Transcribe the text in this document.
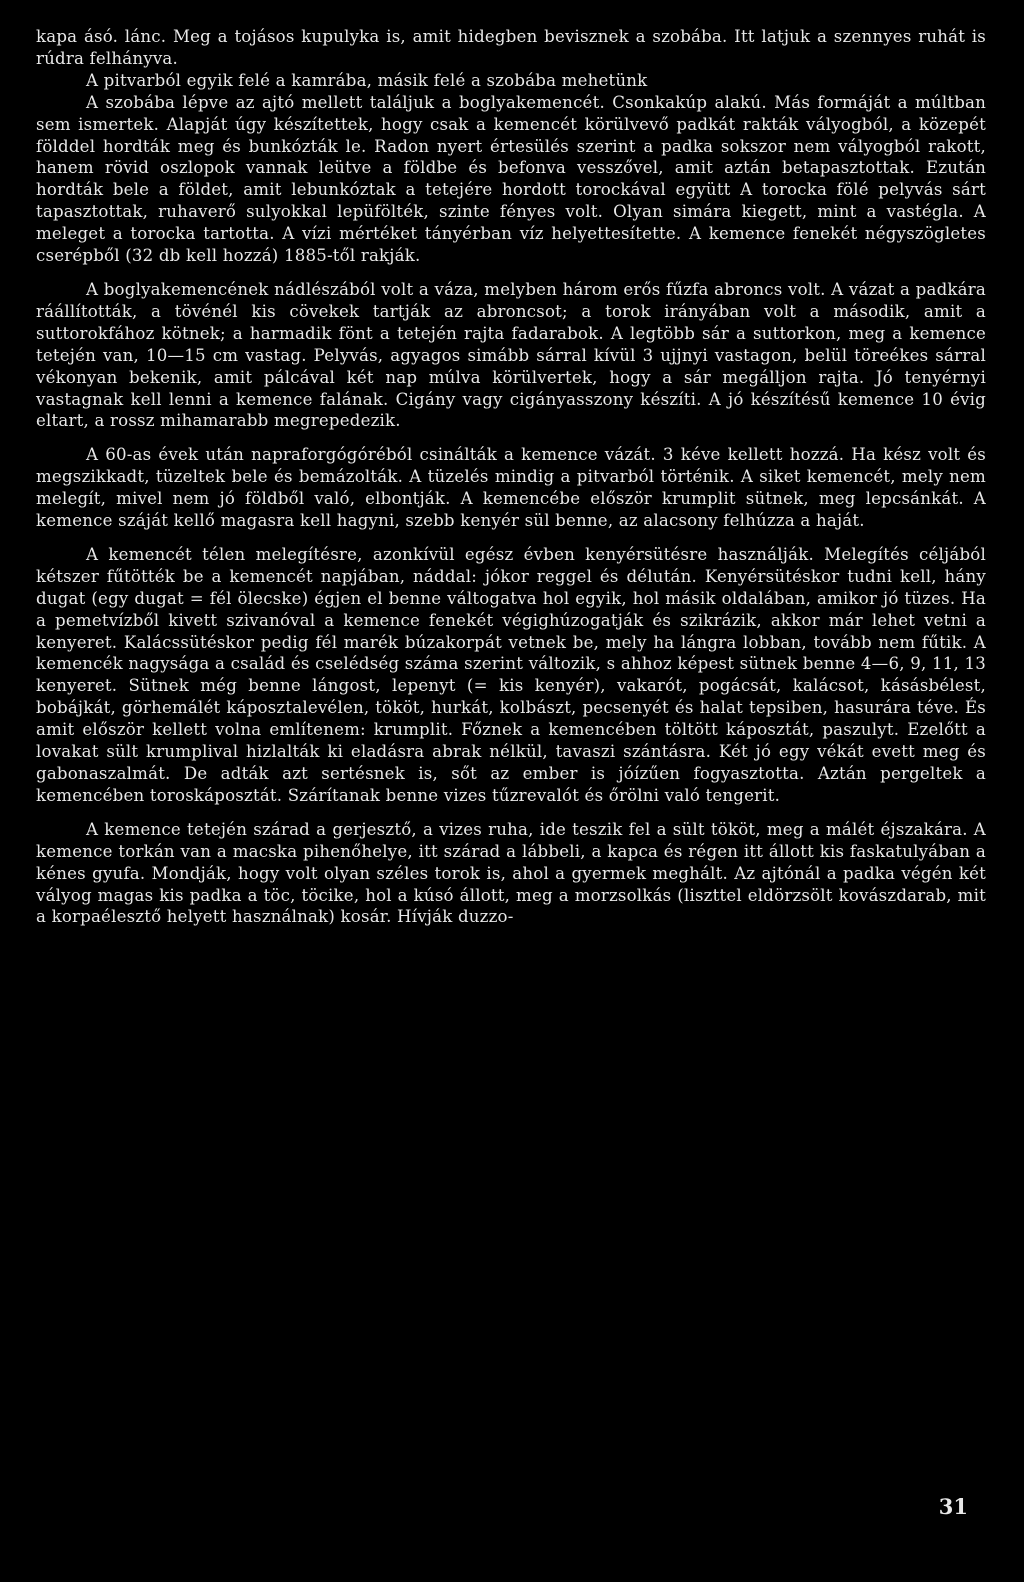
kapa ásó. lánc. Meg a tojásos kupulyka is, amit hidegben bevisznek a szobába. Itt latjuk a szennyes ruhát is rúdra felhányva.

A pitvarból egyik felé a kamrába, másik felé a szobába mehetünk

A szobába lépve az ajtó mellett találjuk a boglyakemencét. Csonkakúp alakú. Más formáját a múltban sem ismertek. Alapját úgy készítettek, hogy csak a kemencét körülvevő padkát rakták vályogból, a közepét földdel hordták meg és bunkózták le. Radon nyert értesülés szerint a padka sokszor nem vályogból rakott, hanem rövid oszlopok vannak leütve a földbe és befonva vesszővel, amit aztán betapasztottak. Ezután hordták bele a földet, amit lebunkóztak a tetejére hordott torockával együtt A torocka fölé pelyvás sárt tapasztottak, ruhaverő sulyokkal lepüfölték, szinte fényes volt. Olyan simára kiegett, mint a vastégla. A meleget a torocka tartotta. A vízi mértéket tányérban víz helyettesítette. A kemence fenekét négyszögletes cserépből (32 db kell hozzá) 1885-től rakják.

A boglyakemencének nádlészából volt a váza, melyben három erős fűzfa abroncs volt. A vázat a padkára ráállították, a tövénél kis cövekek tartják az abroncsot; a torok irányában volt a második, amit a suttorokfához kötnek; a harmadik fönt a tetején rajta fadarabok. A legtöbb sár a suttorkon, meg a kemence tetején van, 10—15 cm vastag. Pelyvás, agyagos simább sárral kívül 3 ujjnyi vastagon, belül töreékes sárral vékonyan bekenik, amit pálcával két nap múlva körülvertek, hogy a sár megálljon rajta. Jó tenyérnyi vastagnak kell lenni a kemence falának. Cigány vagy cigányasszony készíti. A jó készítésű kemence 10 évig eltart, a rossz mihamarabb megrepedezik.

A 60-as évek után napraforgógóréból csinálták a kemence vázát. 3 kéve kellett hozzá. Ha kész volt és megszikkadt, tüzeltek bele és bemázolták. A tüzelés mindig a pitvarból történik. A siket kemencét, mely nem melegít, mivel nem jó földből való, elbontják. A kemencébe először krumplit sütnek, meg lepcsánkát. A kemence száját kellő magasra kell hagyni, szebb kenyér sül benne, az alacsony felhúzza a haját.

A kemencét télen melegítésre, azonkívül egész évben kenyérsütésre használják. Melegítés céljából kétszer fűtötték be a kemencét napjában, náddal: jókor reggel és délután. Kenyérsütéskor tudni kell, hány dugat (egy dugat = fél ölecske) égjen el benne váltogatva hol egyik, hol másik oldalában, amikor jó tüzes. Ha a pemetvízből kivett szivanóval a kemence fenekét végighúzogatják és szikrázik, akkor már lehet vetni a kenyeret. Kalácssütéskor pedig fél marék búzakorpát vetnek be, mely ha lángra lobban, tovább nem fűtik. A kemencék nagysága a család és cselédség száma szerint változik, s ahhoz képest sütnek benne 4—6, 9, 11, 13 kenyeret. Sütnek még benne lángost, lepenyt (= kis kenyér), vakarót, pogácsát, kalácsot, kásásbélest, bobájkát, görhemálét káposztalevélen, tököt, hurkát, kolbászt, pecsenyét és halat tepsiben, hasurára téve. És amit először kellett volna említenem: krumplit. Főznek a kemencében töltött káposztát, paszulyt. Ezelőtt a lovakat sült krumplival hizlalták ki eladásra abrak nélkül, tavaszi szántásra. Két jó egy vékát evett meg és gabonaszalmát. De adták azt sertésnek is, sőt az ember is jóízűen fogyasztotta. Aztán pergeltek a kemencében toroskáposztát. Szárítanak benne vizes tűzrevalót és őrölni való tengerit.

A kemence tetején szárad a gerjesztő, a vizes ruha, ide teszik fel a sült tököt, meg a málét éjszakára. A kemence torkán van a macska pihenőhelye, itt szárad a lábbeli, a kapca és régen itt állott kis faskatulyában a kénes gyufa. Mondják, hogy volt olyan széles torok is, ahol a gyermek meghált. Az ajtónál a padka végén két vályog magas kis padka a töc, töcike, hol a kúsó állott, meg a morzsolkás (liszttel eldörzsölt kovászdarab, mit a korpaélesztő helyett használnak) kosár. Hívják duzzo-

31
